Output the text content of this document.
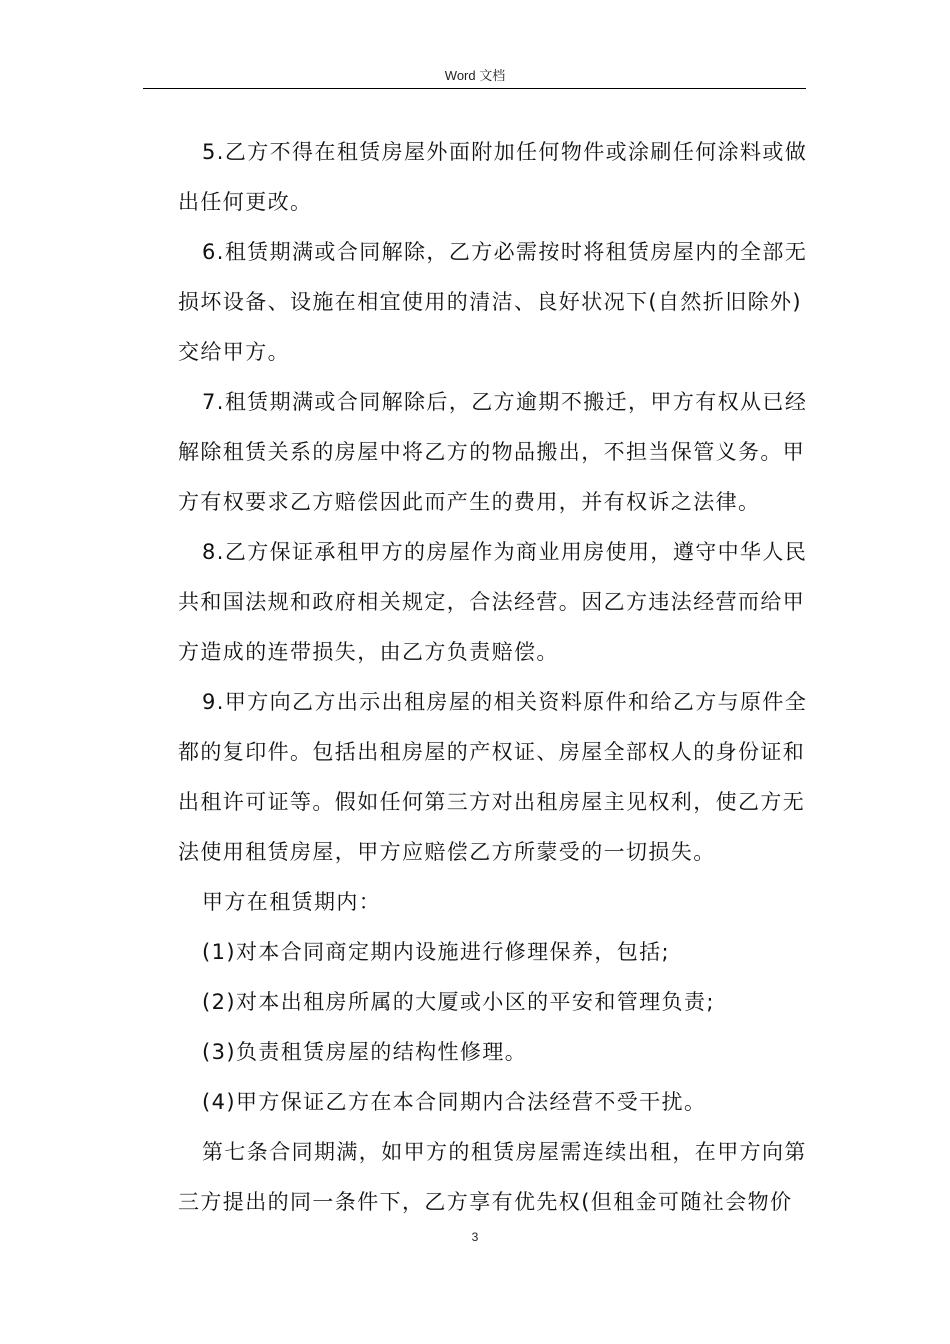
Word 文档

5.乙方不得在租赁房屋外面附加任何物件或涂刷任何涂料或做出任何更改。

6.租赁期满或合同解除，乙方必需按时将租赁房屋内的全部无损坏设备、设施在相宜使用的清洁、良好状况下(自然折旧除外)交给甲方。

7.租赁期满或合同解除后，乙方逾期不搬迁，甲方有权从已经解除租赁关系的房屋中将乙方的物品搬出，不担当保管义务。甲方有权要求乙方赔偿因此而产生的费用，并有权诉之法律。

8.乙方保证承租甲方的房屋作为商业用房使用，遵守中华人民共和国法规和政府相关规定，合法经营。因乙方违法经营而给甲方造成的连带损失，由乙方负责赔偿。

9.甲方向乙方出示出租房屋的相关资料原件和给乙方与原件全都的复印件。包括出租房屋的产权证、房屋全部权人的身份证和出租许可证等。假如任何第三方对出租房屋主见权利，使乙方无法使用租赁房屋，甲方应赔偿乙方所蒙受的一切损失。

甲方在租赁期内：

(1)对本合同商定期内设施进行修理保养，包括;

(2)对本出租房所属的大厦或小区的平安和管理负责;

(3)负责租赁房屋的结构性修理。

(4)甲方保证乙方在本合同期内合法经营不受干扰。

第七条合同期满，如甲方的租赁房屋需连续出租，在甲方向第三方提出的同一条件下，乙方享有优先权(但租金可随社会物价

3
